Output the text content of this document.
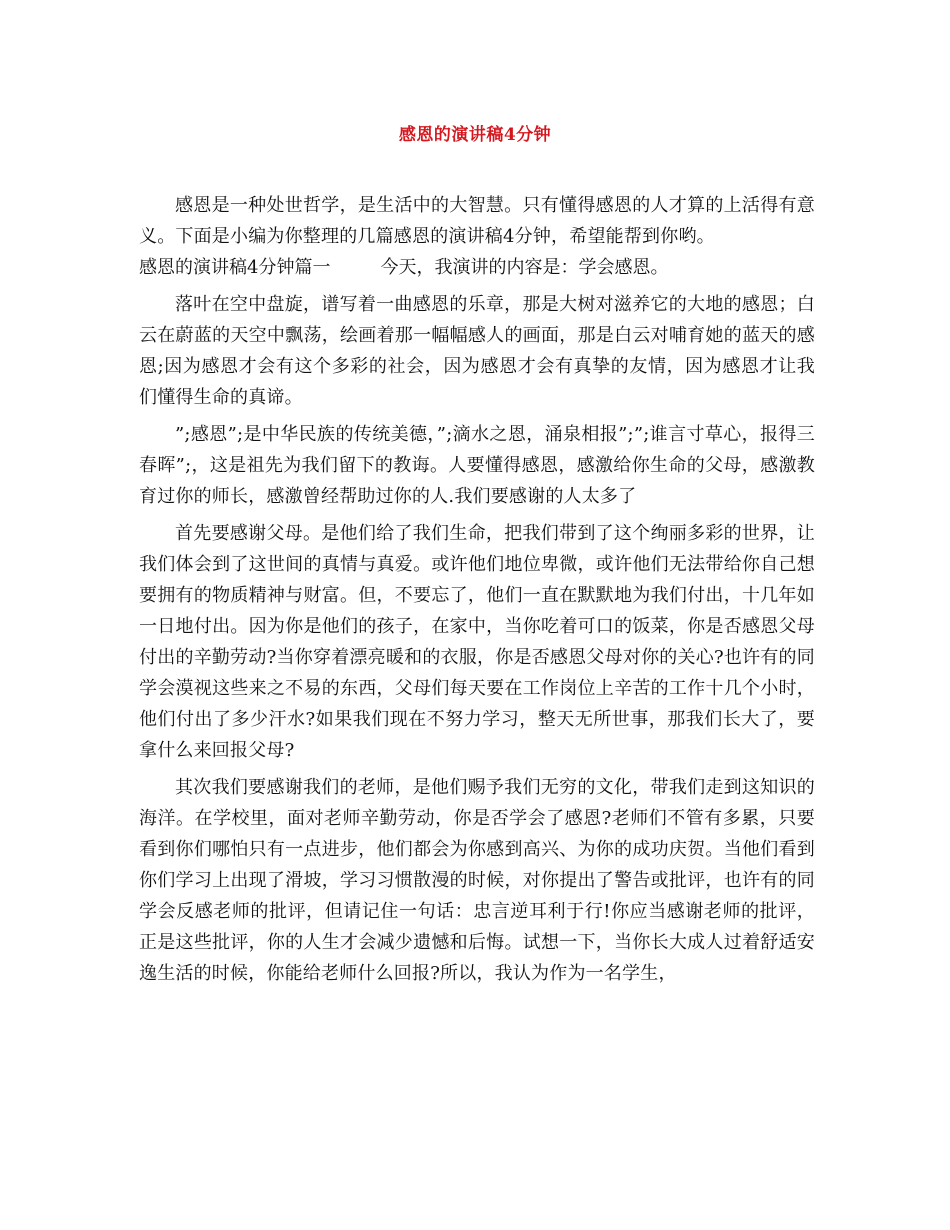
感恩的演讲稿4分钟

感恩是一种处世哲学，是生活中的大智慧。只有懂得感恩的人才算的上活得有意义。下面是小编为你整理的几篇感恩的演讲稿4分钟，希望能帮到你哟。

感恩的演讲稿4分钟篇一	今天，我演讲的内容是：学会感恩。

落叶在空中盘旋，谱写着一曲感恩的乐章，那是大树对滋养它的大地的感恩；白云在蔚蓝的天空中飘荡，绘画着那一幅幅感人的画面，那是白云对哺育她的蓝天的感恩;因为感恩才会有这个多彩的社会，因为感恩才会有真挚的友情，因为感恩才让我们懂得生命的真谛。

”;感恩”;是中华民族的传统美德，”;滴水之恩，涌泉相报”;”;谁言寸草心，报得三春晖”;，这是祖先为我们留下的教诲。人要懂得感恩，感激给你生命的父母，感激教育过你的师长，感激曾经帮助过你的人.我们要感谢的人太多了

首先要感谢父母。是他们给了我们生命，把我们带到了这个绚丽多彩的世界，让我们体会到了这世间的真情与真爱。或许他们地位卑微，或许他们无法带给你自己想要拥有的物质精神与财富。但，不要忘了，他们一直在默默地为我们付出，十几年如一日地付出。因为你是他们的孩子，在家中，当你吃着可口的饭菜，你是否感恩父母付出的辛勤劳动?当你穿着漂亮暖和的衣服，你是否感恩父母对你的关心?也许有的同学会漠视这些来之不易的东西，父母们每天要在工作岗位上辛苦的工作十几个小时，他们付出了多少汗水?如果我们现在不努力学习，整天无所世事，那我们长大了，要拿什么来回报父母?

其次我们要感谢我们的老师，是他们赐予我们无穷的文化，带我们走到这知识的海洋。在学校里，面对老师辛勤劳动，你是否学会了感恩?老师们不管有多累，只要看到你们哪怕只有一点进步，他们都会为你感到高兴、为你的成功庆贺。当他们看到你们学习上出现了滑坡，学习习惯散漫的时候，对你提出了警告或批评，也许有的同学会反感老师的批评，但请记住一句话：忠言逆耳利于行!你应当感谢老师的批评，正是这些批评，你的人生才会减少遗憾和后悔。试想一下，当你长大成人过着舒适安逸生活的时候，你能给老师什么回报?所以，我认为作为一名学生，
